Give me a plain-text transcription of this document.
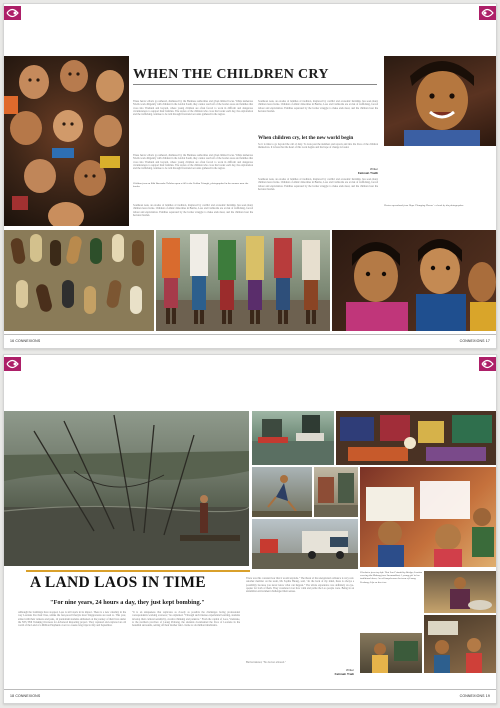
WHEN THE CHILDREN CRY
These heroic efforts go unheard, dismissed by the Burmese authorities and given limited focus. While numerous NGOs work diligently with children in the Global South, they cannot reach all of the border areas and families that cross into Thailand and beyond, where young children are often forced to work in difficult and dangerous circumstances to support their families. The stories of the children who cross the border each day, the exploitation and the trafficking continue to be told through first-hand accounts gathered in the region.
Southeast Asia, an exodus of families of tradition, displaced by conflict and economic hardship, has seen many children leave home. Children of ethnic minorities in Burma, Laos and Cambodia are at risk of trafficking, forced labour and exploitation. Families separated by the border struggle to make ends meet, and the children bear the heaviest burden.
When children cry, let the new world begin
So it is time to go beyond the call of duty. To look past the numbers and reports and into the lives of the children themselves. It is here that the heart of this work begins and the hope of change is found.
These heroic efforts go unheard, dismissed by the Burmese authorities and given limited focus. While numerous NGOs work diligently with children in the Global South, they cannot reach all of the border areas and families that cross into Thailand and beyond, where young children are often forced to work in difficult and dangerous circumstances to support their families. The stories of the children who cross the border each day, the exploitation and the trafficking continue to be told through first-hand accounts gathered in the region.	Writer
Fatimah Trailli
Children from an Ikiki Bermuda Children upon a hill in the Golden Triangle, photographed in the summer near the border.
Southeast Asia, an exodus of families of tradition, displaced by conflict and economic hardship, has seen many children leave home. Children of ethnic minorities in Burma, Laos and Cambodia are at risk of trafficking, forced labour and exploitation. Families separated by the border struggle to make ends meet, and the children bear the heaviest burden.
Photos reproduced from Hope 'Changing Phases' - a book by the photographer.
Southeast Asia, an exodus of families of tradition, displaced by conflict and economic hardship, has seen many children leave home. Children of ethnic minorities in Burma, Laos and Cambodia are at risk of trafficking, forced labour and exploitation. Families separated by the border struggle to make ends meet, and the children bear the heaviest burden.
16 CONNEXIONS	CONNEXIONS 17
Clockwise from top left: Thai Lao Friendship Bridge; Laotian crossing the Mekong from Savannakhet; A young girl in her traditional dress; An old temple near the town of Luang Prabang; Life on the river.
A LAND LAOS IN TIME
"For nine years, 24 hours a day, they just kept bombing."
Although the bombings have stopped, Laos is still stuck in its impact. There is a new calamity in the way Laotians live their lives, unlike the fast-paced lifestyle most Singaporeans are used to. This year, armed with their cameras and pens, 14 journalism students embarked on the journey of their lives under the NTU Hill Trekking Overseas for Advanced Reporting project. They captured and explored an old world of the Land of a Million Elephants over two weeks long trips in July and September.
"It is an uniqueness that replicates as closely as possible the challenges facing professional correspondents working overseas," he explained. "Through such intense experiential learning, students develop their cultural sensitivity, creative thinking and patience." From the capital of Laos, Vientiane, to the northern province of Luang Prabang, the students documented the lives of Laotians in the beautiful surrounds, setting off their mother land - home to six million inhabitants.
There was this constant fear that it would explode." The threat of the unexploded ordnance is very real. Another member on the team, Ms Sophia Huang, said, "At the back of my mind, there is always a possibility because you never know what can happen." The whole experience was definitely an eye-opener for both of them. They wondered over how calm and polite the Lao people were. Being in an unfamiliar environment challenged their senses.
But he insisted, "No doctors allowed."
Writer
Fatimah Traili
18 CONNEXIONS	CONNEXIONS 19
